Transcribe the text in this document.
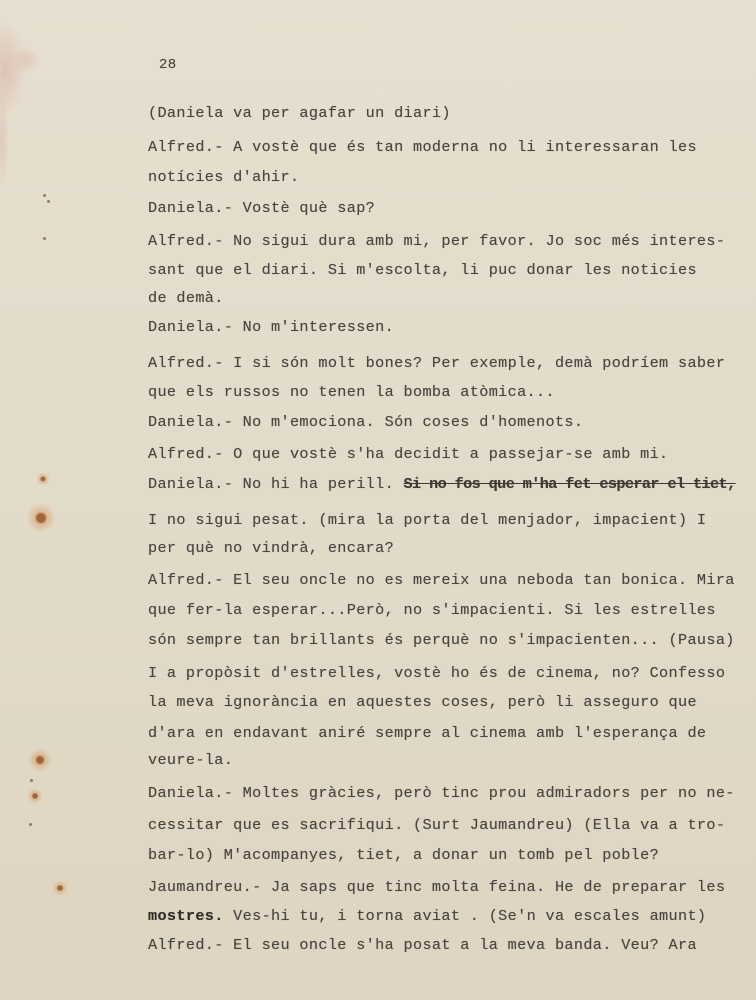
28
(Daniela va per agafar un diari)
Alfred.- A vostè que és tan moderna no li interessaran les
notícies d'ahir.
Daniela.- Vostè què sap?
Alfred.- No sigui dura amb mi, per favor. Jo soc més interes-
sant que el diari. Si m'escolta, li puc donar les noticies
de demà.
Daniela.- No m'interessen.
Alfred.- I si són molt bones? Per exemple, demà podríem saber
que els russos no tenen la bomba atòmica...
Daniela.- No m'emociona. Són coses d'homenots.
Alfred.- O que vostè s'ha decidit a passejar-se amb mi.
Daniela.- No hi ha perill. Si no fos que m'ha fet esperar el tiet,
I no sigui pesat. (mira la porta del menjador, impacient) I
per què no vindrà, encara?
Alfred.- El seu oncle no es mereix una neboda tan bonica. Mira
que fer-la esperar...Però, no s'impacienti. Si les estrelles
són sempre tan brillants és perquè no s'impacienten... (Pausa)
I a propòsit d'estrelles, vostè ho és de cinema, no? Confesso
la meva ignorància en aquestes coses, però li asseguro que
d'ara en endavant aniré sempre al cinema amb l'esperança de
veure-la.
Daniela.- Moltes gràcies, però tinc prou admiradors per no ne-
cessitar que es sacrifiqui. (Surt Jaumandreu) (Ella va a tro-
bar-lo) M'acompanyes, tiet, a donar un tomb pel poble?
Jaumandreu.- Ja saps que tinc molta feina. He de preparar les
mostres. Ves-hi tu, i torna aviat . (Se'n va escales amunt)
Alfred.- El seu oncle s'ha posat a la meva banda. Veu? Ara
